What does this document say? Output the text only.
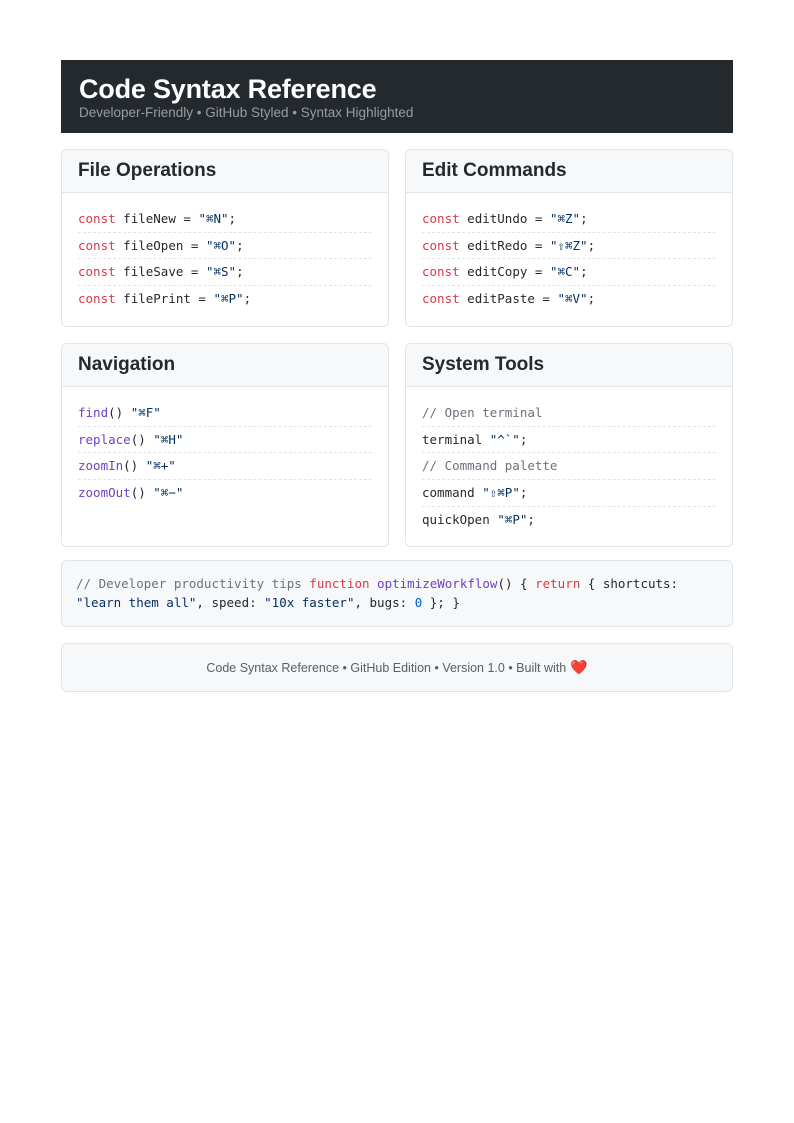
Code Syntax Reference
Developer-Friendly • GitHub Styled • Syntax Highlighted
File Operations
const fileNew = "⌘N";
const fileOpen = "⌘O";
const fileSave = "⌘S";
const filePrint = "⌘P";
Edit Commands
const editUndo = "⌘Z";
const editRedo = "⇧⌘Z";
const editCopy = "⌘C";
const editPaste = "⌘V";
Navigation
find() "⌘F"
replace() "⌘H"
zoomIn() "⌘+"
zoomOut() "⌘−"
System Tools
// Open terminal
terminal "^`";
// Command palette
command "⇧⌘P";
quickOpen "⌘P";
// Developer productivity tips function optimizeWorkflow() { return { shortcuts: "learn them all", speed: "10x faster", bugs: 0 }; }
Code Syntax Reference • GitHub Edition • Version 1.0 • Built with ❤️
